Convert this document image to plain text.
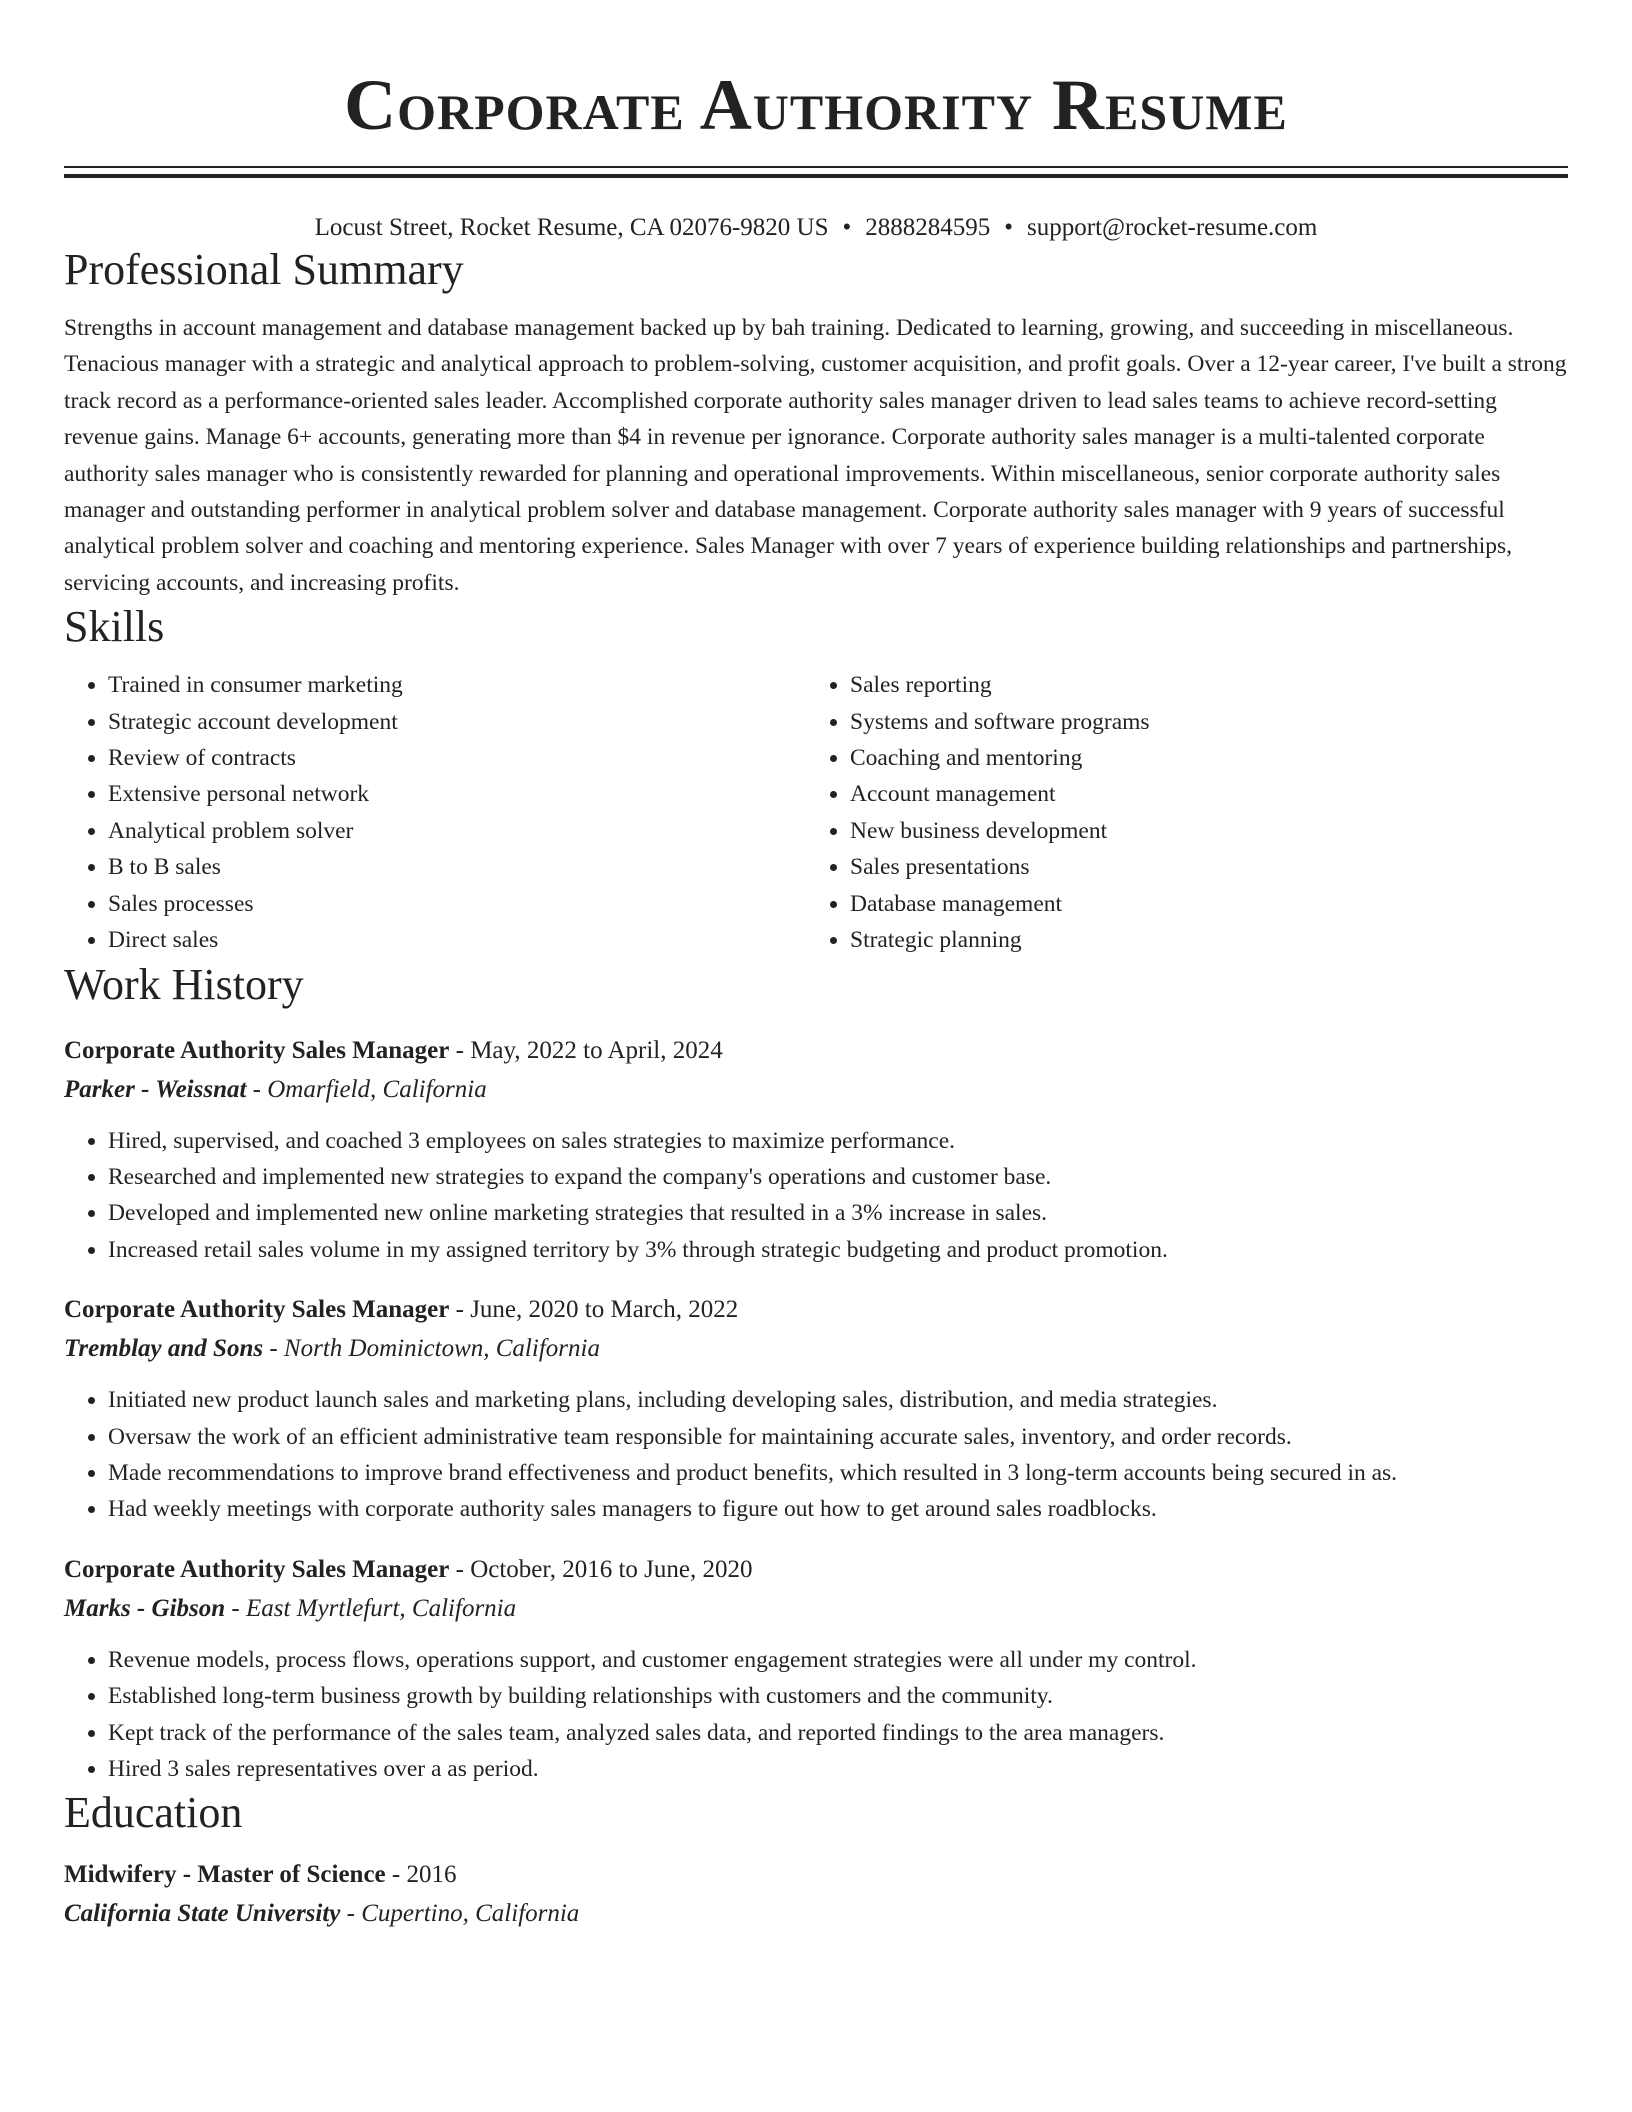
Corporate Authority Resume
Locust Street, Rocket Resume, CA 02076-9820 US • 2888284595 • support@rocket-resume.com
Professional Summary
Strengths in account management and database management backed up by bah training. Dedicated to learning, growing, and succeeding in miscellaneous. Tenacious manager with a strategic and analytical approach to problem-solving, customer acquisition, and profit goals. Over a 12-year career, I've built a strong track record as a performance-oriented sales leader. Accomplished corporate authority sales manager driven to lead sales teams to achieve record-setting revenue gains. Manage 6+ accounts, generating more than $4 in revenue per ignorance. Corporate authority sales manager is a multi-talented corporate authority sales manager who is consistently rewarded for planning and operational improvements. Within miscellaneous, senior corporate authority sales manager and outstanding performer in analytical problem solver and database management. Corporate authority sales manager with 9 years of successful analytical problem solver and coaching and mentoring experience. Sales Manager with over 7 years of experience building relationships and partnerships, servicing accounts, and increasing profits.
Skills
• Trained in consumer marketing
• Strategic account development
• Review of contracts
• Extensive personal network
• Analytical problem solver
• B to B sales
• Sales processes
• Direct sales
• Sales reporting
• Systems and software programs
• Coaching and mentoring
• Account management
• New business development
• Sales presentations
• Database management
• Strategic planning
Work History
Corporate Authority Sales Manager - May, 2022 to April, 2024
Parker - Weissnat - Omarfield, California
• Hired, supervised, and coached 3 employees on sales strategies to maximize performance.
• Researched and implemented new strategies to expand the company's operations and customer base.
• Developed and implemented new online marketing strategies that resulted in a 3% increase in sales.
• Increased retail sales volume in my assigned territory by 3% through strategic budgeting and product promotion.
Corporate Authority Sales Manager - June, 2020 to March, 2022
Tremblay and Sons - North Dominictown, California
• Initiated new product launch sales and marketing plans, including developing sales, distribution, and media strategies.
• Oversaw the work of an efficient administrative team responsible for maintaining accurate sales, inventory, and order records.
• Made recommendations to improve brand effectiveness and product benefits, which resulted in 3 long-term accounts being secured in as.
• Had weekly meetings with corporate authority sales managers to figure out how to get around sales roadblocks.
Corporate Authority Sales Manager - October, 2016 to June, 2020
Marks - Gibson - East Myrtlefurt, California
• Revenue models, process flows, operations support, and customer engagement strategies were all under my control.
• Established long-term business growth by building relationships with customers and the community.
• Kept track of the performance of the sales team, analyzed sales data, and reported findings to the area managers.
• Hired 3 sales representatives over a as period.
Education
Midwifery - Master of Science - 2016
California State University - Cupertino, California
